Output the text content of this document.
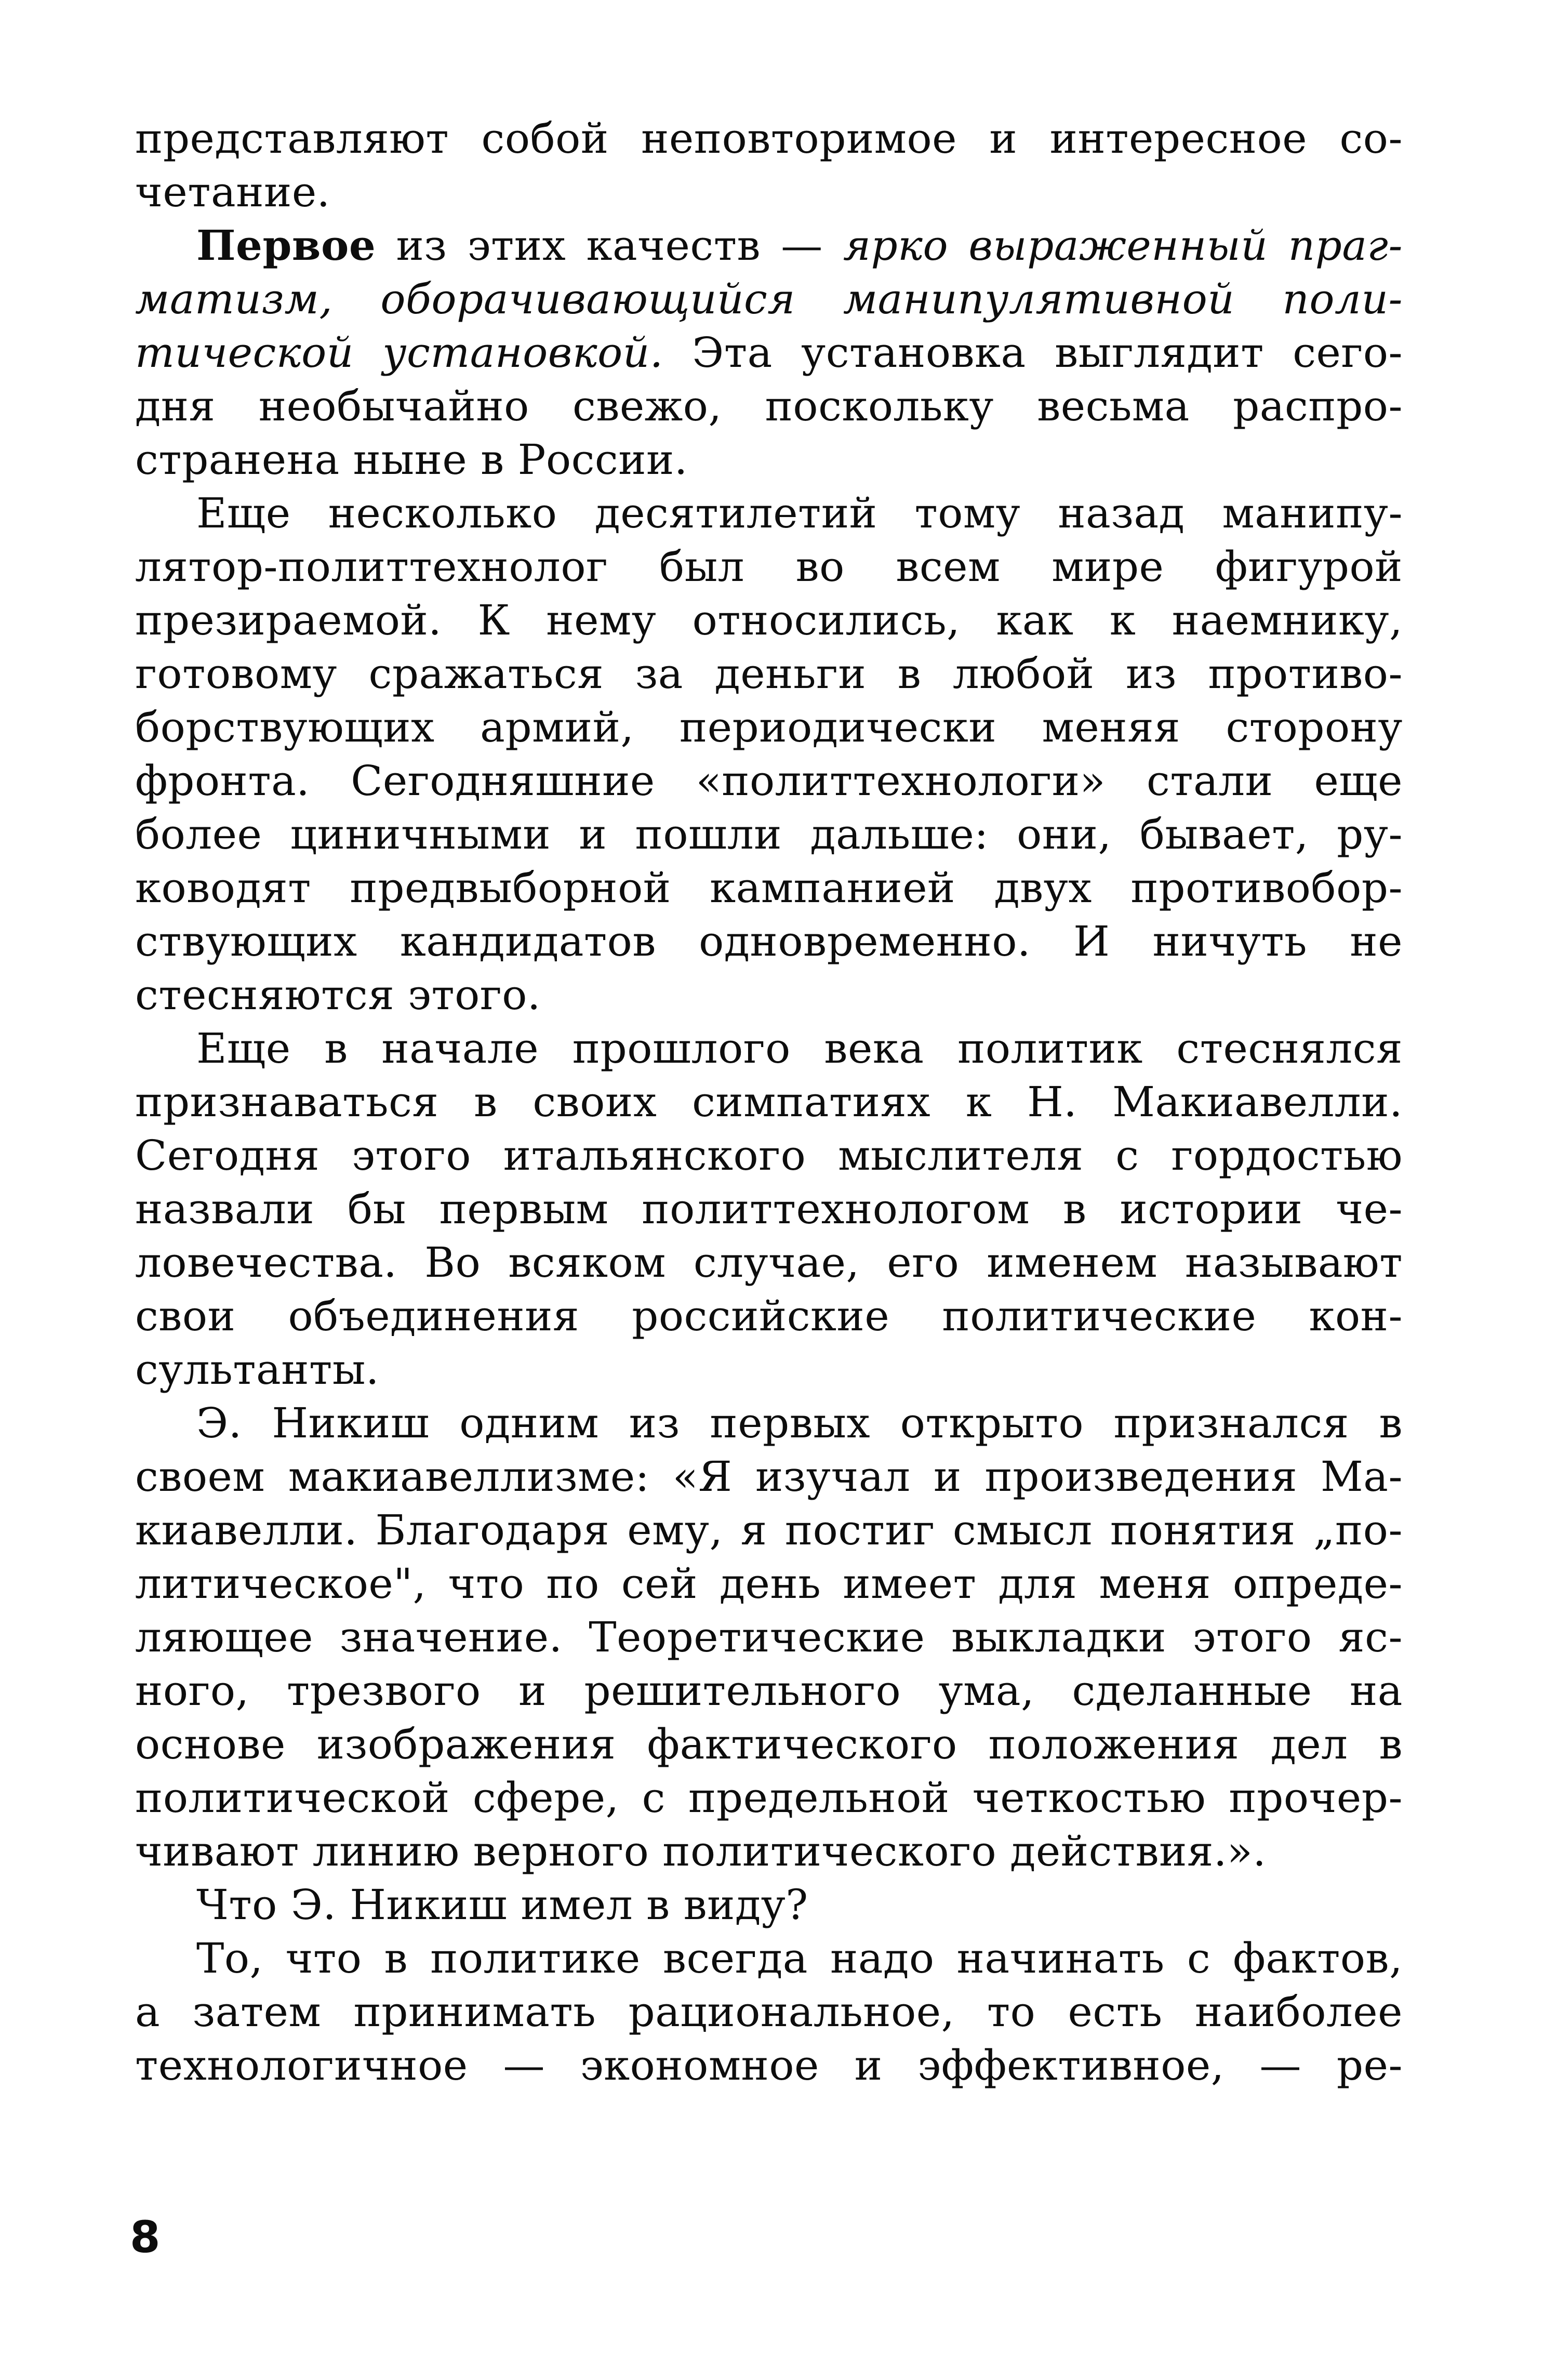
представляют собой неповторимое и интересное со-
четание.
Первое из этих качеств — ярко выраженный праг-
матизм, оборачивающийся манипулятивной поли-
тической установкой. Эта установка выглядит сего-
дня необычайно свежо, поскольку весьма распро-
странена ныне в России.
Еще несколько десятилетий тому назад манипу-
лятор-политтехнолог был во всем мире фигурой
презираемой. К нему относились, как к наемнику,
готовому сражаться за деньги в любой из противо-
борствующих армий, периодически меняя сторону
фронта. Сегодняшние «политтехнологи» стали еще
более циничными и пошли дальше: они, бывает, ру-
ководят предвыборной кампанией двух противобор-
ствующих кандидатов одновременно. И ничуть не
стесняются этого.
Еще в начале прошлого века политик стеснялся
признаваться в своих симпатиях к Н. Макиавелли.
Сегодня этого итальянского мыслителя с гордостью
назвали бы первым политтехнологом в истории че-
ловечества. Во всяком случае, его именем называют
свои объединения российские политические кон-
сультанты.
Э. Никиш одним из первых открыто признался в
своем макиавеллизме: «Я изучал и произведения Ма-
киавелли. Благодаря ему, я постиг смысл понятия „по-
литическое", что по сей день имеет для меня опреде-
ляющее значение. Теоретические выкладки этого яс-
ного, трезвого и решительного ума, сделанные на
основе изображения фактического положения дел в
политической сфере, с предельной четкостью прочер-
чивают линию верного политического действия.».
Что Э. Никиш имел в виду?
То, что в политике всегда надо начинать с фактов,
а затем принимать рациональное, то есть наиболее
технологичное — экономное и эффективное, — ре-
8
